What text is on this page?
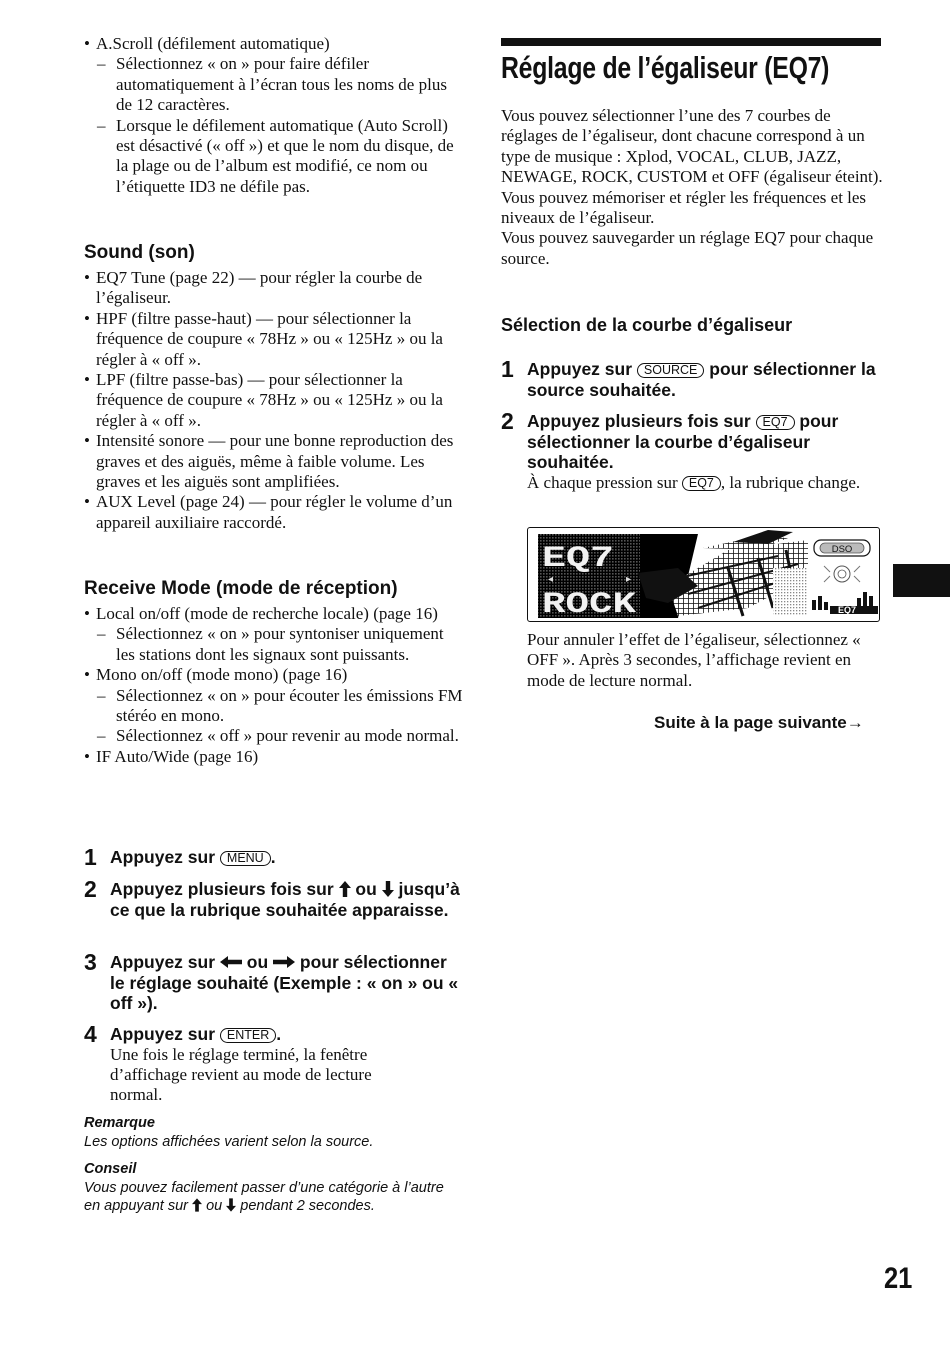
• A.Scroll (défilement automatique)
– Sélectionnez « on » pour faire défiler automatiquement à l’écran tous les noms de plus de 12 caractères.
– Lorsque le défilement automatique (Auto Scroll) est désactivé (« off ») et que le nom du disque, de la plage ou de l’album est modifié, ce nom ou l’étiquette ID3 ne défile pas.
Sound (son)
• EQ7 Tune (page 22) — pour régler la courbe de l’égaliseur.
• HPF (filtre passe-haut) — pour sélectionner la fréquence de coupure « 78Hz » ou « 125Hz » ou la régler à « off ».
• LPF (filtre passe-bas) — pour sélectionner la fréquence de coupure « 78Hz » ou « 125Hz » ou la régler à « off ».
• Intensité sonore — pour une bonne reproduction des graves et des aiguës, même à faible volume. Les graves et les aiguës sont amplifiées.
• AUX Level (page 24) — pour régler le volume d’un appareil auxiliaire raccordé.
Receive Mode (mode de réception)
• Local on/off (mode de recherche locale) (page 16)
– Sélectionnez « on » pour syntoniser uniquement les stations dont les signaux sont puissants.
• Mono on/off (mode mono) (page 16)
– Sélectionnez « on » pour écouter les émissions FM stéréo en mono.
– Sélectionnez « off » pour revenir au mode normal.
• IF Auto/Wide (page 16)
1 Appuyez sur MENU .
2 Appuyez plusieurs fois sur ou jusqu’à ce que la rubrique souhaitée apparaisse.
3 Appuyez sur ou pour sélectionner le réglage souhaité (Exemple : « on » ou « off »).
4 Appuyez sur ENTER .
Une fois le réglage terminé, la fenêtre d’affichage revient au mode de lecture normal.
Remarque
Les options affichées varient selon la source.
Conseil
Vous pouvez facilement passer d’une catégorie à l’autre en appuyant sur ou pendant 2 secondes.
Réglage de l’égaliseur (EQ7)
Vous pouvez sélectionner l’une des 7 courbes de réglages de l’égaliseur, dont chacune correspond à un type de musique : Xplod, VOCAL, CLUB, JAZZ, NEWAGE, ROCK, CUSTOM et OFF (égaliseur éteint).
Vous pouvez mémoriser et régler les fréquences et les niveaux de l’égaliseur.
Vous pouvez sauvegarder un réglage EQ7 pour chaque source.
Sélection de la courbe d’égaliseur
1 Appuyez sur SOURCE pour sélectionner la source souhaitée.
2 Appuyez plusieurs fois sur EQ7 pour sélectionner la courbe d’égaliseur souhaitée.
À chaque pression sur EQ7 , la rubrique change.
EQ7
◂	▸
ROCK
DSO
EQ7
Pour annuler l’effet de l’égaliseur, sélectionnez « OFF ». Après 3 secondes, l’affichage revient en mode de lecture normal.
Suite à la page suivante→
21
